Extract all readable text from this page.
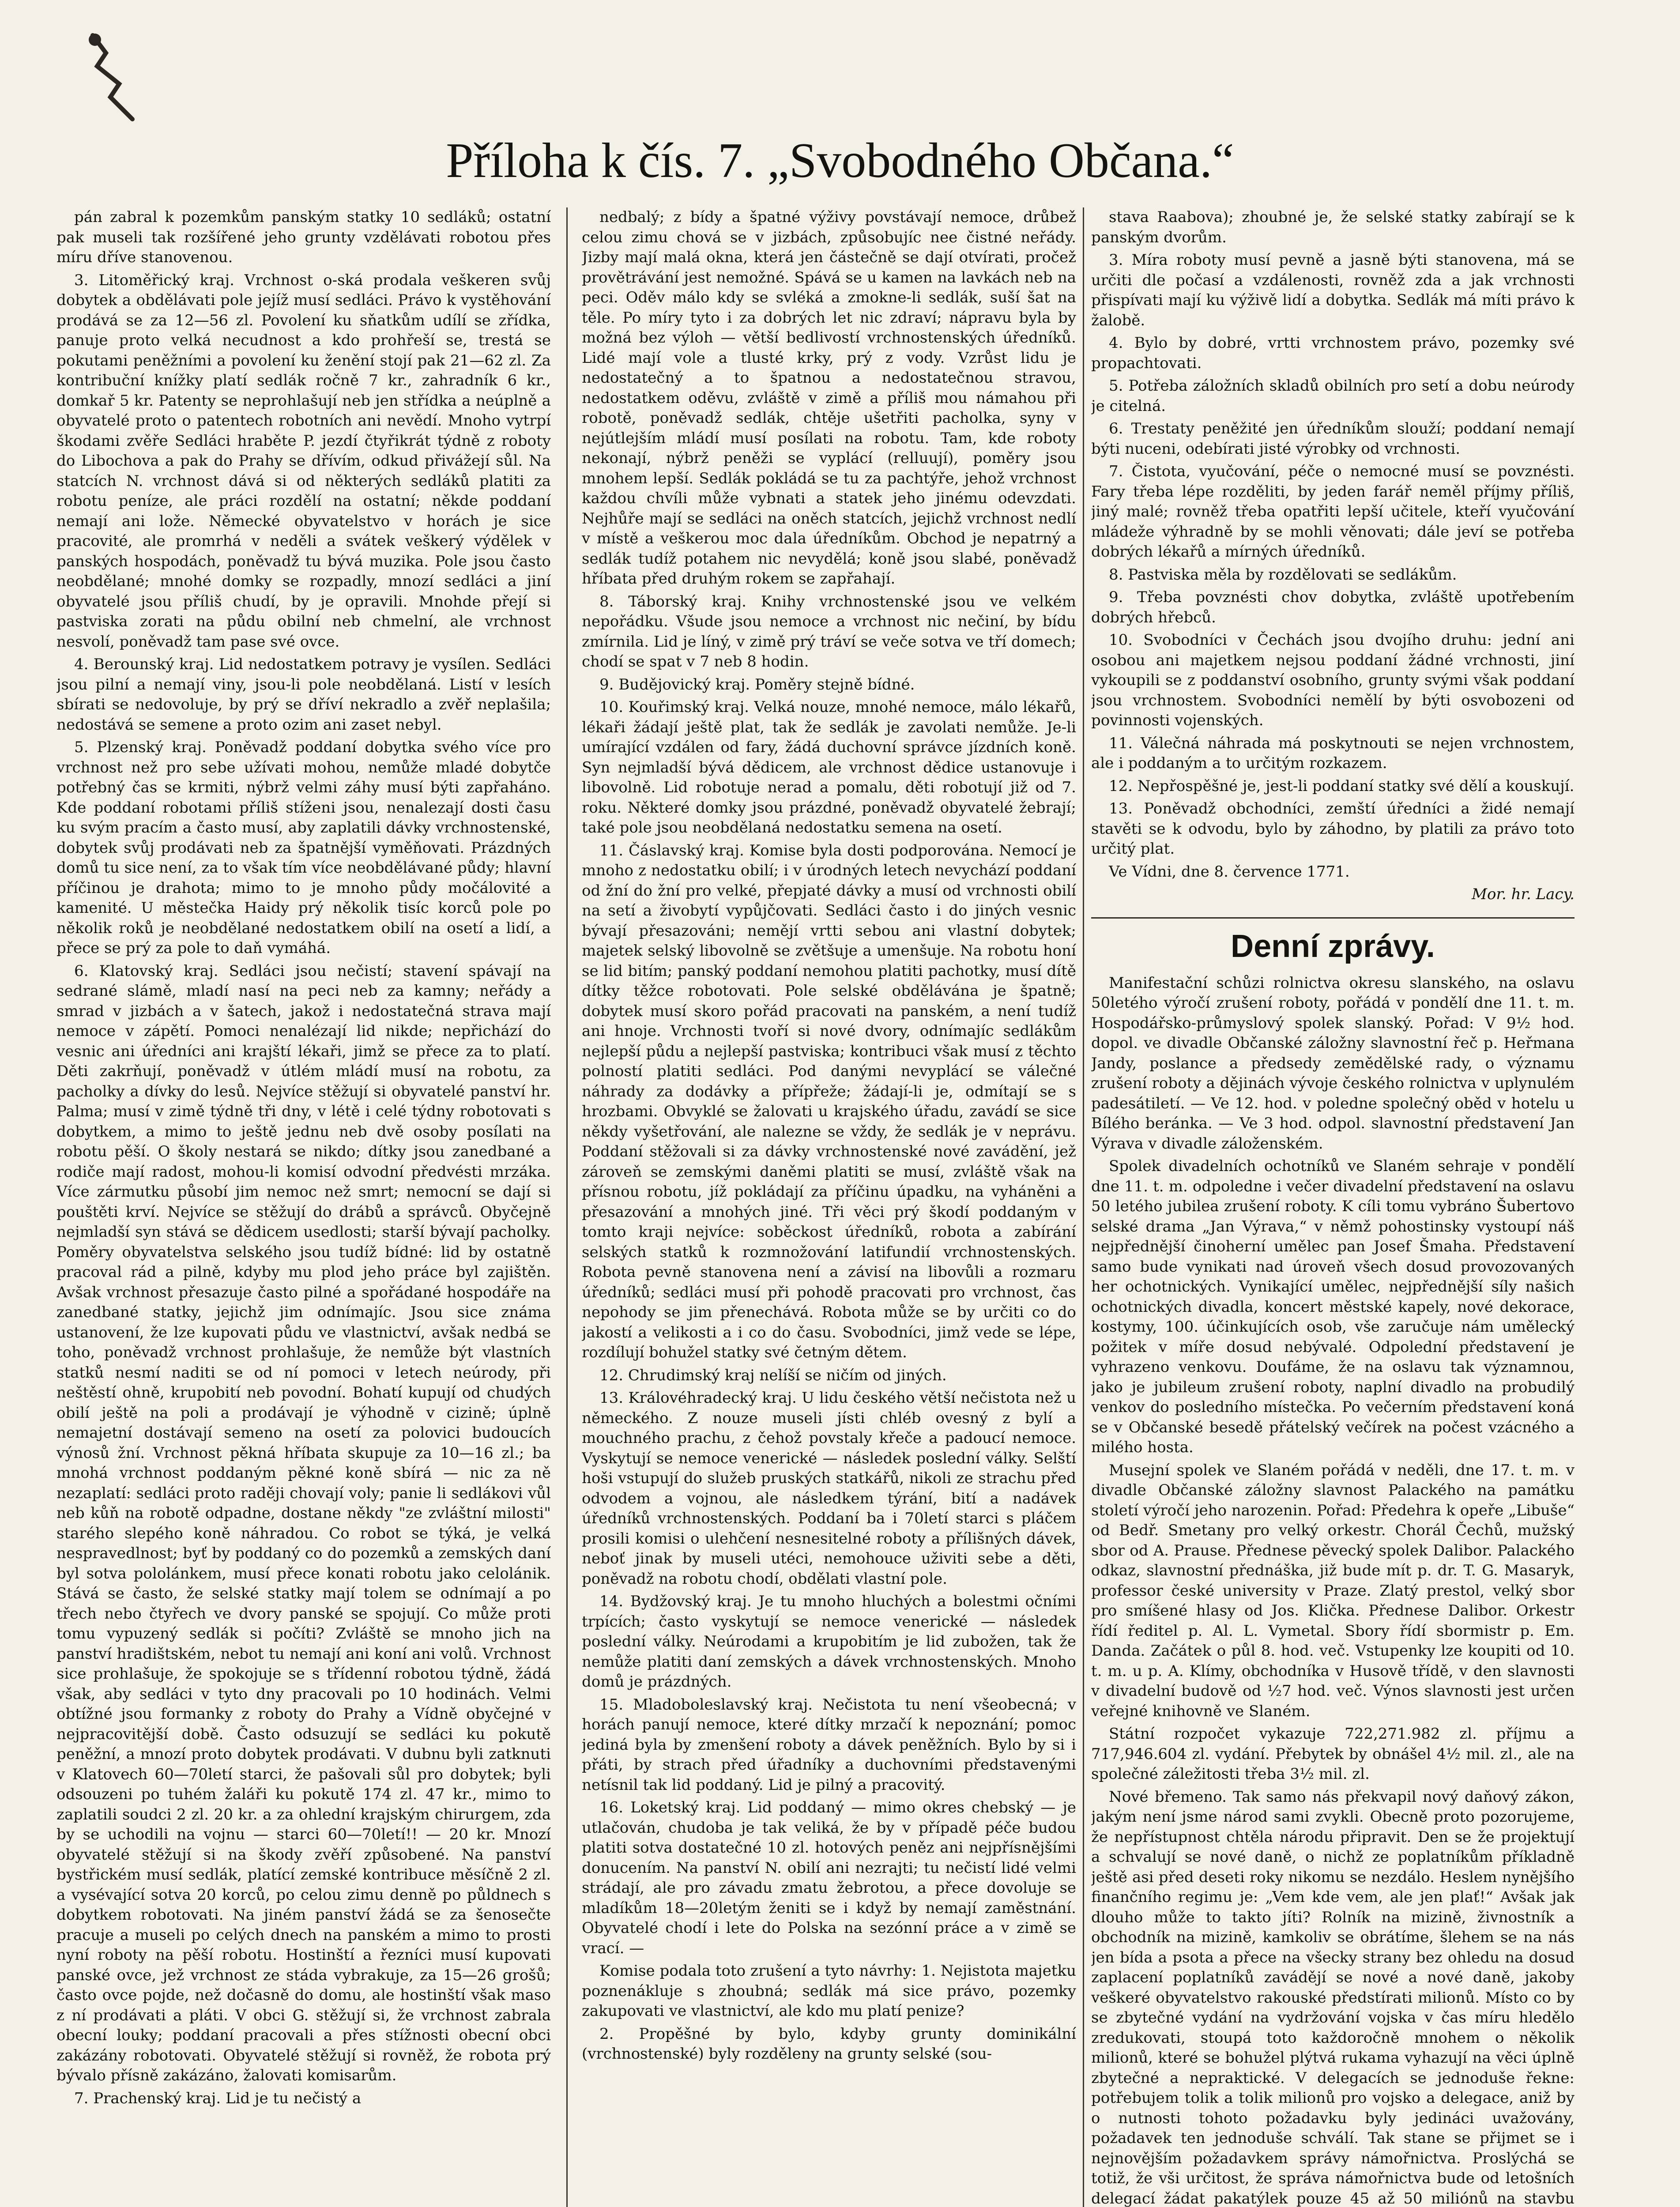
Příloha k čís. 7. „Svobodného Občana.“

pán zabral k pozemkům panským statky 10 sedláků; ostatní pak museli tak rozšířené jeho grunty vzdělávati robotou přes míru dříve stanovenou.

3. Litoměřický kraj. Vrchnost o-ská prodala veškeren svůj dobytek a obdělávati pole jejíž musí sedláci. Právo k vystěhování prodává se za 12—56 zl. Povolení ku sňatkům udílí se zřídka, panuje proto velká necudnost a kdo prohřeší se, trestá se pokutami peněžními a povolení ku ženění stojí pak 21—62 zl. Za kontribuční knížky platí sedlák ročně 7 kr., zahradník 6 kr., domkař 5 kr. Patenty se neprohlašují neb jen střídka a neúplně a obyvatelé proto o patentech robotních ani nevědí. Mnoho vytrpí škodami zvěře Sedláci hraběte P. jezdí čtyřikrát týdně z roboty do Libochova a pak do Prahy se dřívím, odkud přivážejí sůl. Na statcích N. vrchnost dává si od některých sedláků platiti za robotu peníze, ale práci rozdělí na ostatní; někde poddaní nemají ani lože. Německé obyvatelstvo v horách je sice pracovité, ale promrhá v neděli a svátek veškerý výdělek v panských hospodách, poněvadž tu bývá muzika. Pole jsou často neobdělané; mnohé domky se rozpadly, mnozí sedláci a jiní obyvatelé jsou příliš chudí, by je opravili. Mnohde přejí si pastviska zorati na půdu obilní neb chmelní, ale vrchnost nesvolí, poněvadž tam pase své ovce.

4. Berounský kraj. Lid nedostatkem potravy je vysílen. Sedláci jsou pilní a nemají viny, jsou-li pole neobdělaná. Listí v lesích sbírati se nedovoluje, by prý se dříví nekradlo a zvěř neplašila; nedostává se semene a proto ozim ani zaset nebyl.

5. Plzenský kraj. Poněvadž poddaní dobytka svého více pro vrchnost než pro sebe užívati mohou, nemůže mladé dobytče potřebný čas se krmiti, nýbrž velmi záhy musí býti zapřaháno. Kde poddaní robotami příliš stíženi jsou, nenalezají dosti času ku svým pracím a často musí, aby zaplatili dávky vrchnostenské, dobytek svůj prodávati neb za špatnější vyměňovati. Prázdných domů tu sice není, za to však tím více neobdělávané půdy; hlavní příčinou je drahota; mimo to je mnoho půdy močálovité a kamenité. U městečka Haidy prý několik tisíc korců pole po několik roků je neobdělané nedostatkem obilí na osetí a lidí, a přece se prý za pole to daň vymáhá.

6. Klatovský kraj. Sedláci jsou nečistí; stavení spávají na sedrané slámě, mladí nasí na peci neb za kamny; neřády a smrad v jizbách a v šatech, jakož i nedostatečná strava mají nemoce v zápětí. Pomoci nenalézají lid nikde; nepřichází do vesnic ani úředníci ani krajští lékaři, jimž se přece za to platí. Děti zakrňují, poněvadž v útlém mládí musí na robotu, za pacholky a dívky do lesů. Nejvíce stěžují si obyvatelé panství hr. Palma; musí v zimě týdně tři dny, v létě i celé týdny robotovati s dobytkem, a mimo to ještě jednu neb dvě osoby posílati na robotu pěší. O školy nestará se nikdo; dítky jsou zanedbané a rodiče mají radost, mohou-li komisí odvodní předvésti mrzáka. Více zármutku působí jim nemoc než smrt; nemocní se dají si pouštěti krví. Nejvíce se stěžují do drábů a správců. Obyčejně nejmladší syn stává se dědicem usedlosti; starší bývají pacholky. Poměry obyvatelstva selského jsou tudíž bídné: lid by ostatně pracoval rád a pilně, kdyby mu plod jeho práce byl zajištěn. Avšak vrchnost přesazuje často pilné a spořádané hospodáře na zanedbané statky, jejichž jim odnímajíc. Jsou sice známa ustanovení, že lze kupovati půdu ve vlastnictví, avšak nedbá se toho, poněvadž vrchnost prohlašuje, že nemůže být vlastních statků nesmí naditi se od ní pomoci v letech neúrody, při neštěstí ohně, krupobití neb povodní. Bohatí kupují od chudých obilí ještě na poli a prodávají je výhodně v cizině; úplně nemajetní dostávají semeno na osetí za polovici budoucích výnosů žní. Vrchnost pěkná hříbata skupuje za 10—16 zl.; ba mnohá vrchnost poddaným pěkné koně sbírá — nic za ně nezaplatí: sedláci proto raději chovají voly; panie li sedlákovi vůl neb kůň na robotě odpadne, dostane někdy "ze zvláštní milosti" starého slepého koně náhradou. Co robot se týká, je velká nespravedlnost; byť by poddaný co do pozemků a zemských daní byl sotva pololánkem, musí přece konati robotu jako celolánik. Stává se často, že selské statky mají tolem se odnímají a po třech nebo čtyřech ve dvory panské se spojují. Co může proti tomu vypuzený sedlák si počíti? Zvláště se mnoho jich na panství hradištském, nebot tu nemají ani koní ani volů. Vrchnost sice prohlašuje, že spokojuje se s třídenní robotou týdně, žádá však, aby sedláci v tyto dny pracovali po 10 hodinách. Velmi obtížné jsou formanky z roboty do Prahy a Vídně obyčejné v nejpracovitější době. Často odsuzují se sedláci ku pokutě peněžní, a mnozí proto dobytek prodávati. V dubnu byli zatknuti v Klatovech 60—70letí starci, že pašovali sůl pro dobytek; byli odsouzeni po tuhém žaláři ku pokutě 174 zl. 47 kr., mimo to zaplatili soudci 2 zl. 20 kr. a za ohlední krajským chirurgem, zda by se uchodili na vojnu — starci 60—70letí!! — 20 kr. Mnozí obyvatelé stěžují si na škody zvěří způsobené. Na panství bystřickém musí sedlák, platící zemské kontribuce měsíčně 2 zl. a vysévající sotva 20 korců, po celou zimu denně po půldnech s dobytkem robotovati. Na jiném panství žádá se za šenosečte pracuje a museli po celých dnech na panském a mimo to prosti nyní roboty na pěší robotu. Hostinští a řezníci musí kupovati panské ovce, jež vrchnost ze stáda vybrakuje, za 15—26 grošů; často ovce pojde, než dočasně do domu, ale hostinští však maso z ní prodávati a pláti. V obci G. stěžují si, že vrchnost zabrala obecní louky; poddaní pracovali a přes stížnosti obecní obci zakázány robotovati. Obyvatelé stěžují si rovněž, že robota prý bývalo přísně zakázáno, žalovati komisarům.

7. Prachenský kraj. Lid je tu nečistý a

nedbalý; z bídy a špatné výživy povstávají nemoce, drůbež celou zimu chová se v jizbách, způsobujíc nee čistné neřády. Jizby mají malá okna, která jen částečně se dají otvírati, pročež provětrávání jest nemožné. Spává se u kamen na lavkách neb na peci. Oděv málo kdy se svléká a zmokne-li sedlák, suší šat na těle. Po míry tyto i za dobrých let nic zdraví; nápravu byla by možná bez výloh — větší bedlivostí vrchnostenských úředníků. Lidé mají vole a tlusté krky, prý z vody. Vzrůst lidu je nedostatečný a to špatnou a nedostatečnou stravou, nedostatkem oděvu, zvláště v zimě a příliš mou námahou při robotě, poněvadž sedlák, chtěje ušetřiti pacholka, syny v nejútlejším mládí musí posílati na robotu. Tam, kde roboty nekonají, nýbrž peněži se vyplácí (relluují), poměry jsou mnohem lepší. Sedlák pokládá se tu za pachtýře, jehož vrchnost každou chvíli může vybnati a statek jeho jinému odevzdati. Nejhůře mají se sedláci na oněch statcích, jejichž vrchnost nedlí v místě a veškerou moc dala úředníkům. Obchod je nepatrný a sedlák tudíž potahem nic nevydělá; koně jsou slabé, poněvadž hříbata před druhým rokem se zapřahají.

8. Táborský kraj. Knihy vrchnostenské jsou ve velkém nepořádku. Všude jsou nemoce a vrchnost nic nečiní, by bídu zmírnila. Lid je líný, v zimě prý tráví se veče sotva ve tří domech; chodí se spat v 7 neb 8 hodin.

9. Budějovický kraj. Poměry stejně bídné.

10. Kouřimský kraj. Velká nouze, mnohé nemoce, málo lékařů, lékaři žádají ještě plat, tak že sedlák je zavolati nemůže. Je-li umírající vzdálen od fary, žádá duchovní správce jízdních koně. Syn nejmladší bývá dědicem, ale vrchnost dědice ustanovuje i libovolně. Lid robotuje nerad a pomalu, děti robotují již od 7. roku. Některé domky jsou prázdné, poněvadž obyvatelé žebrají; také pole jsou neobdělaná nedostatku semena na osetí.

11. Čáslavský kraj. Komise byla dosti podporována. Nemocí je mnoho z nedostatku obilí; i v úrodných letech nevychází poddaní od žní do žní pro velké, přepjaté dávky a musí od vrchnosti obilí na setí a živobytí vypůjčovati. Sedláci často i do jiných vesnic bývají přesazováni; nemějí vrtti sebou ani vlastní dobytek; majetek selský libovolně se zvětšuje a umenšuje. Na robotu honí se lid bitím; panský poddaní nemohou platiti pachotky, musí dítě dítky těžce robotovati. Pole selské obdělávána je špatně; dobytek musí skoro pořád pracovati na panském, a není tudíž ani hnoje. Vrchnosti tvoří si nové dvory, odnímajíc sedlákům nejlepší půdu a nejlepší pastviska; kontribuci však musí z těchto polností platiti sedláci. Pod danými nevyplácí se válečné náhrady za dodávky a přípřeže; žádají-li je, odmítají se s hrozbami. Obvyklé se žalovati u krajského úřadu, zavádí se sice někdy vyšetřování, ale nalezne se vždy, že sedlák je v neprávu. Poddaní stěžovali si za dávky vrchnostenské nové zavádění, jež zároveň se zemskými daněmi platiti se musí, zvláště však na přísnou robotu, jíž pokládají za příčinu úpadku, na vyháněni a přesazování a mnohých jiné. Tři věci prý škodí poddaným v tomto kraji nejvíce: soběckost úředníků, robota a zabírání selských statků k rozmnožování latifundií vrchnostenských. Robota pevně stanovena není a závisí na libovůli a rozmaru úředníků; sedláci musí při pohodě pracovati pro vrchnost, čas nepohody se jim přenechává. Robota může se by určiti co do jakostí a velikosti a i co do času. Svobodníci, jimž vede se lépe, rozdílují bohužel statky své četným dětem.

12. Chrudimský kraj nelíší se ničím od jiných.

13. Královéhradecký kraj. U lidu českého větší nečistota než u německého. Z nouze museli jísti chléb ovesný z bylí a mouchného prachu, z čehož povstaly křeče a padoucí nemoce. Vyskytují se nemoce venerické — následek poslední války. Selští hoši vstupují do služeb pruských statkářů, nikoli ze strachu před odvodem a vojnou, ale následkem týrání, bití a nadávek úředníků vrchnostenských. Poddaní ba i 70letí starci s pláčem prosili komisi o ulehčení nesnesitelné roboty a přílišných dávek, neboť jinak by museli utéci, nemohouce uživiti sebe a děti, poněvadž na robotu chodí, obdělati vlastní pole.

14. Bydžovský kraj. Je tu mnoho hluchých a bolestmi očními trpících; často vyskytují se nemoce venerické — následek poslední války. Neúrodami a krupobitím je lid zubožen, tak že nemůže platiti daní zemských a dávek vrchnostenských. Mnoho domů je prázdných.

15. Mladoboleslavský kraj. Nečistota tu není všeobecná; v horách panují nemoce, které dítky mrzačí k nepoznání; pomoc jediná byla by zmenšení roboty a dávek peněžních. Bylo by si i přáti, by strach před úřadníky a duchovními představenými netísnil tak lid poddaný. Lid je pilný a pracovitý.

16. Loketský kraj. Lid poddaný — mimo okres chebský — je utlačován, chudoba je tak veliká, že by v případě péče budou platiti sotva dostatečné 10 zl. hotových peněz ani nejpřísnějšími donucením. Na panství N. obilí ani nezrajti; tu nečistí lidé velmi strádají, ale pro závadu zmatu žebrotou, a přece dovoluje se mladíkům 18—20letým ženiti se i když by nemají zaměstnání. Obyvatelé chodí i lete do Polska na sezónní práce a v zimě se vrací. —

Komise podala toto zrušení a tyto návrhy: 1. Nejistota majetku poznenákluje s zhoubná; sedlák má sice právo, pozemky zakupovati ve vlastnictví, ale kdo mu platí penize?

2. Propěšné by bylo, kdyby grunty dominikální (vrchnostenské) byly rozděleny na grunty selské (sou-

stava Raabova); zhoubné je, že selské statky zabírají se k panským dvorům.

3. Míra roboty musí pevně a jasně býti stanovena, má se určiti dle počasí a vzdálenosti, rovněž zda a jak vrchnosti přispívati mají ku výživě lidí a dobytka. Sedlák má míti právo k žalobě.

4. Bylo by dobré, vrtti vrchnostem právo, pozemky své propachtovati.

5. Potřeba záložních skladů obilních pro setí a dobu neúrody je citelná.

6. Trestaty peněžité jen úředníkům slouží; poddaní nemají býti nuceni, odebírati jisté výrobky od vrchnosti.

7. Čistota, vyučování, péče o nemocné musí se povznésti. Fary třeba lépe rozděliti, by jeden farář neměl příjmy příliš, jiný malé; rovněž třeba opatřiti lepší učitele, kteří vyučování mládeže výhradně by se mohli věnovati; dále jeví se potřeba dobrých lékařů a mírných úředníků.

8. Pastviska měla by rozdělovati se sedlákům.

9. Třeba povznésti chov dobytka, zvláště upotřebením dobrých hřebců.

10. Svobodníci v Čechách jsou dvojího druhu: jední ani osobou ani majetkem nejsou poddaní žádné vrchnosti, jiní vykoupili se z poddanství osobního, grunty svými však poddaní jsou vrchnostem. Svobodníci nemělí by býti osvobozeni od povinnosti vojenských.

11. Válečná náhrada má poskytnouti se nejen vrchnostem, ale i poddaným a to určitým rozkazem.

12. Nepřospěšné je, jest-li poddaní statky své dělí a kouskují.

13. Poněvadž obchodníci, zemští úředníci a židé nemají stavěti se k odvodu, bylo by záhodno, by platili za právo toto určitý plat.

Ve Vídni, dne 8. července 1771.

Mor. hr. Lacy.

Denní zprávy.

Manifestační schůzi rolnictva okresu slanského, na oslavu 50letého výročí zrušení roboty, pořádá v pondělí dne 11. t. m. Hospodářsko-průmyslový spolek slanský. Pořad: V 9½ hod. dopol. ve divadle Občanské záložny slavnostní řeč p. Heřmana Jandy, poslance a předsedy zemědělské rady, o významu zrušení roboty a dějinách vývoje českého rolnictva v uplynulém padesátiletí. — Ve 12. hod. v poledne společný oběd v hotelu u Bílého beránka. — Ve 3 hod. odpol. slavnostní představení Jan Výrava v divadle záloženském.

Spolek divadelních ochotníků ve Slaném sehraje v pondělí dne 11. t. m. odpoledne i večer divadelní představení na oslavu 50 letého jubilea zrušení roboty. K cíli tomu vybráno Šubertovo selské drama „Jan Výrava,“ v němž pohostinsky vystoupí náš nejpřednější činoherní umělec pan Josef Šmaha. Představení samo bude vynikati nad úroveň všech dosud provozovaných her ochotnických. Vynikající umělec, nejpřednější síly našich ochotnických divadla, koncert městské kapely, nové dekorace, kostymy, 100. účinkujících osob, vše zaručuje nám umělecký požitek v míře dosud nebývalé. Odpolední představení je vyhrazeno venkovu. Doufáme, že na oslavu tak významnou, jako je jubileum zrušení roboty, naplní divadlo na probudilý venkov do posledního místečka. Po večerním představení koná se v Občanské besedě přátelský večírek na počest vzácného a milého hosta.

Musejní spolek ve Slaném pořádá v neděli, dne 17. t. m. v divadle Občanské záložny slavnost Palackého na památku století výročí jeho narozenin. Pořad: Předehra k opeře „Libuše“ od Bedř. Smetany pro velký orkestr. Chorál Čechů, mužský sbor od A. Prause. Přednese pěvecký spolek Dalibor. Palackého odkaz, slavnostní přednáška, již bude mít p. dr. T. G. Masaryk, professor české university v Praze. Zlatý prestol, velký sbor pro smíšené hlasy od Jos. Klička. Přednese Dalibor. Orkestr řídí ředitel p. Al. L. Vymetal. Sbory řídí sbormistr p. Em. Danda. Začátek o půl 8. hod. več. Vstupenky lze koupiti od 10. t. m. u p. A. Klímy, obchodníka v Husově třídě, v den slavnosti v divadelní budově od ½7 hod. več. Výnos slavnosti jest určen veřejné knihovně ve Slaném.

Státní rozpočet vykazuje 722,271.982 zl. příjmu a 717,946.604 zl. vydání. Přebytek by obnášel 4½ mil. zl., ale na společné záležitosti třeba 3½ mil. zl.

Nové břemeno. Tak samo nás překvapil nový daňový zákon, jakým není jsme národ sami zvykli. Obecně proto pozorujeme, že nepřístupnost chtěla národu připravit. Den se že projektují a schvalují se nové daně, o nichž ze poplatníkům příkladně ještě asi před deseti roky nikomu se nezdálo. Heslem nynějšího finančního regimu je: „Vem kde vem, ale jen plať!“ Avšak jak dlouho může to takto jíti? Rolník na mizině, živnostník a obchodník na mizině, kamkoliv se obrátíme, šlehem se na nás jen bída a psota a přece na všecky strany bez ohledu na dosud zaplacení poplatníků zavádějí se nové a nové daně, jakoby veškeré obyvatelstvo rakouské předstírati milionů. Místo co by se zbytečné vydání na vydržování vojska v čas míru hledělo zredukovati, stoupá toto každoročně mnohem o několik milionů, které se bohužel plýtvá rukama vyhazují na věci úplně zbytečné a nepraktické. V delegacích se jednoduše řekne: potřebujem tolik a tolik milionů pro vojsko a delegace, aniž by o nutnosti tohoto požadavku byly jedináci uvažovány, požadavek ten jednoduše schválí. Tak stane se přijmet se i nejnovějším požadavkem správy námořnictva. Proslýchá se totiž, že vši určitost, že správa námořnictva bude od letošních delegací žádat pakatýlek pouze 45 až 50 miliónů na stavbu
